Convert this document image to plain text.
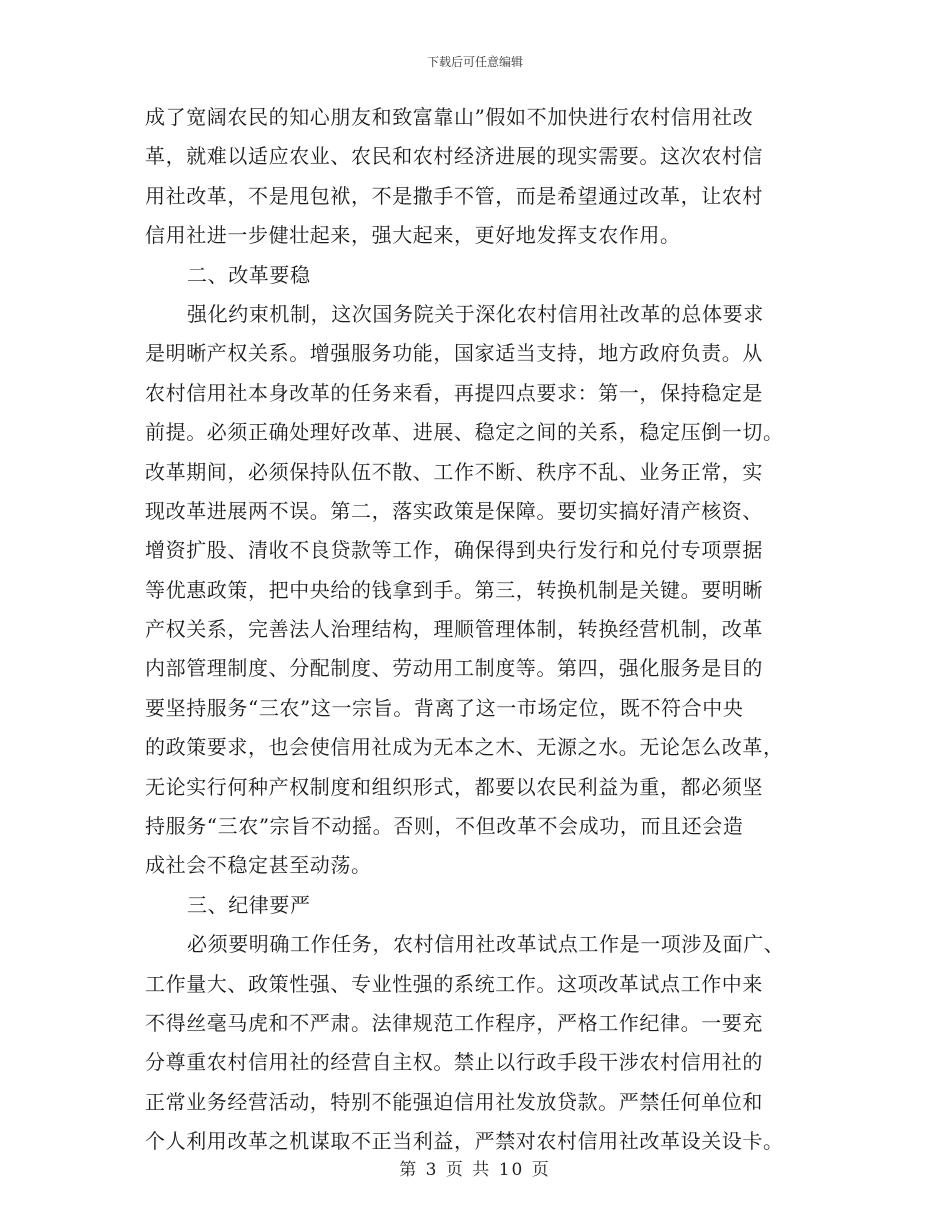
下载后可任意编辑
成了宽阔农民的知心朋友和致富靠山”假如不加快进行农村信用社改
革，就难以适应农业、农民和农村经济进展的现实需要。这次农村信
用社改革，不是甩包袱，不是撒手不管，而是希望通过改革，让农村
信用社进一步健壮起来，强大起来，更好地发挥支农作用。
二、改革要稳
强化约束机制，这次国务院关于深化农村信用社改革的总体要求
是明晰产权关系。增强服务功能，国家适当支持，地方政府负责。从
农村信用社本身改革的任务来看，再提四点要求：第一，保持稳定是
前提。必须正确处理好改革、进展、稳定之间的关系，稳定压倒一切。
改革期间，必须保持队伍不散、工作不断、秩序不乱、业务正常，实
现改革进展两不误。第二，落实政策是保障。要切实搞好清产核资、
增资扩股、清收不良贷款等工作，确保得到央行发行和兑付专项票据
等优惠政策，把中央给的钱拿到手。第三，转换机制是关键。要明晰
产权关系，完善法人治理结构，理顺管理体制，转换经营机制，改革
内部管理制度、分配制度、劳动用工制度等。第四，强化服务是目的
要坚持服务“三农”这一宗旨。背离了这一市场定位，既不符合中央
的政策要求，也会使信用社成为无本之木、无源之水。无论怎么改革，
无论实行何种产权制度和组织形式，都要以农民利益为重，都必须坚
持服务“三农”宗旨不动摇。否则，不但改革不会成功，而且还会造
成社会不稳定甚至动荡。
三、纪律要严
必须要明确工作任务，农村信用社改革试点工作是一项涉及面广、
工作量大、政策性强、专业性强的系统工作。这项改革试点工作中来
不得丝毫马虎和不严肃。法律规范工作程序，严格工作纪律。一要充
分尊重农村信用社的经营自主权。禁止以行政手段干涉农村信用社的
正常业务经营活动，特别不能强迫信用社发放贷款。严禁任何单位和
个人利用改革之机谋取不正当利益，严禁对农村信用社改革设关设卡。
第 3 页 共 10 页
